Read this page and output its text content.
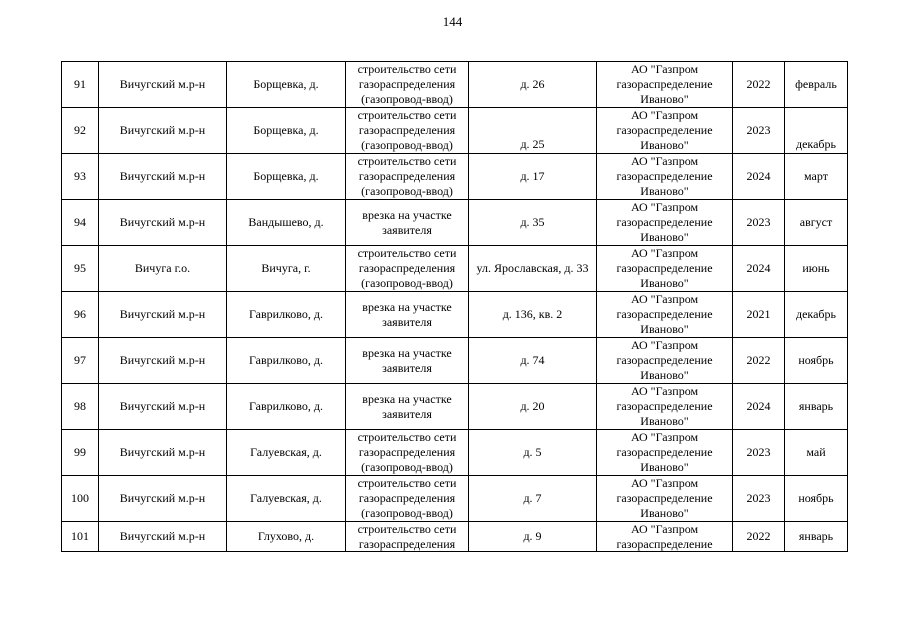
144
91	Вичугский м.р-н	Борщевка, д.	строительство сети газораспределения (газопровод-ввод)	д. 26	АО "Газпром газораспределение Иваново"	2022	февраль

92	Вичугский м.р-н	Борщевка, д.	строительство сети газораспределения (газопровод-ввод)	д. 25	АО "Газпром газораспределение Иваново"	2023	декабрь

93	Вичугский м.р-н	Борщевка, д.	строительство сети газораспределения (газопровод-ввод)	д. 17	АО "Газпром газораспределение Иваново"	2024	март

94	Вичугский м.р-н	Вандышево, д.	врезка на участке заявителя	д. 35	АО "Газпром газораспределение Иваново"	2023	август

95	Вичуга г.о.	Вичуга, г.	строительство сети газораспределения (газопровод-ввод)	ул. Ярославская, д. 33	АО "Газпром газораспределение Иваново"	2024	июнь

96	Вичугский м.р-н	Гаврилково, д.	врезка на участке заявителя	д. 136, кв. 2	АО "Газпром газораспределение Иваново"	2021	декабрь

97	Вичугский м.р-н	Гаврилково, д.	врезка на участке заявителя	д. 74	АО "Газпром газораспределение Иваново"	2022	ноябрь

98	Вичугский м.р-н	Гаврилково, д.	врезка на участке заявителя	д. 20	АО "Газпром газораспределение Иваново"	2024	январь

99	Вичугский м.р-н	Галуевская, д.	строительство сети газораспределения (газопровод-ввод)	д. 5	АО "Газпром газораспределение Иваново"	2023	май

100	Вичугский м.р-н	Галуевская, д.	строительство сети газораспределения (газопровод-ввод)	д. 7	АО "Газпром газораспределение Иваново"	2023	ноябрь

101	Вичугский м.р-н	Глухово, д.	строительство сети газораспределения	д. 9	АО "Газпром газораспределение	2022	январь
